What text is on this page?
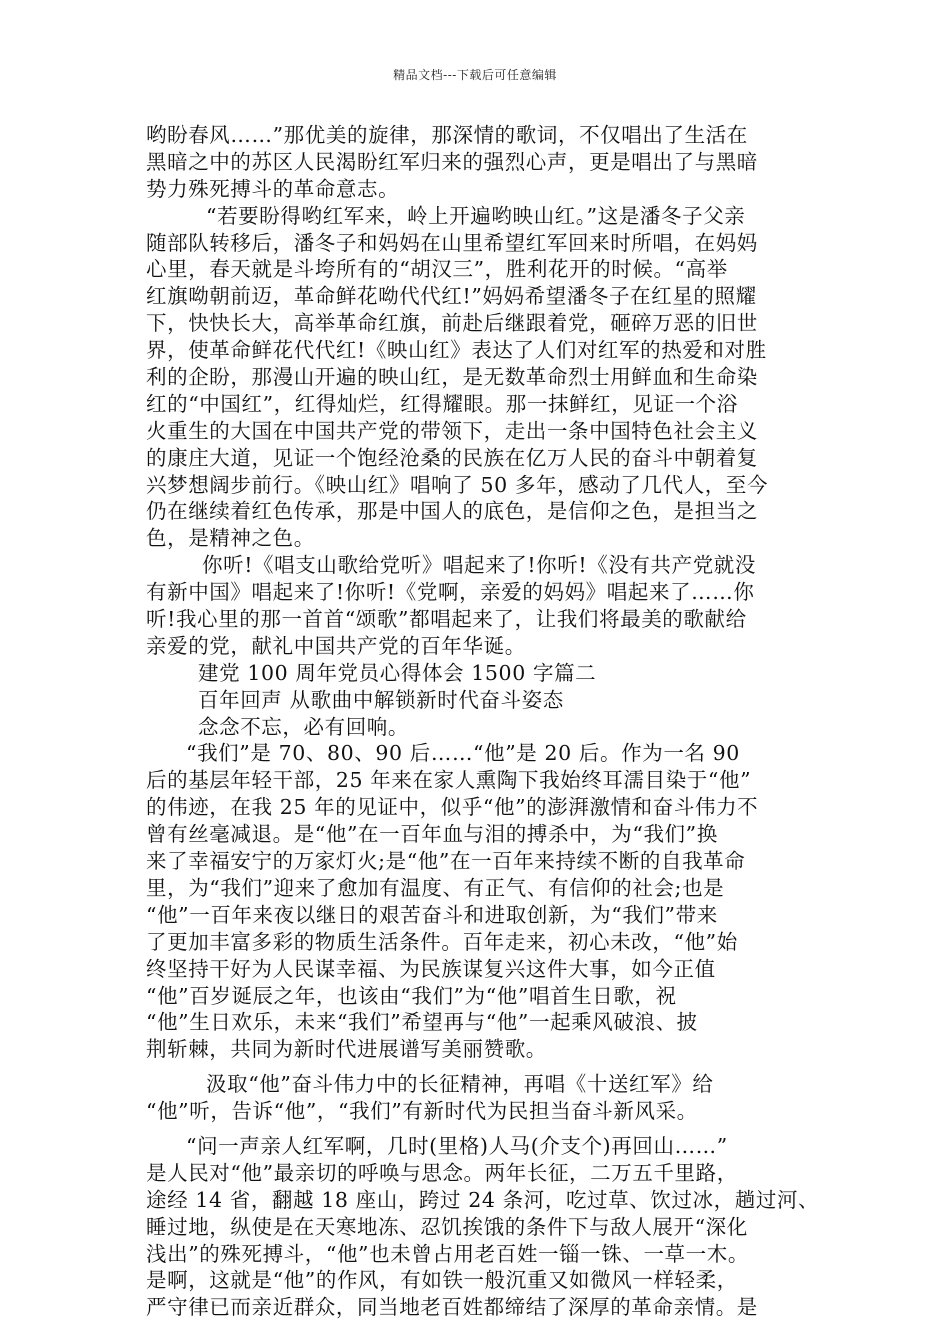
精品文档---下载后可任意编辑
哟盼春风……”那优美的旋律，那深情的歌词，不仅唱出了生活在
黑暗之中的苏区人民渴盼红军归来的强烈心声，更是唱出了与黑暗
势力殊死搏斗的革命意志。
“若要盼得哟红军来，岭上开遍哟映山红。”这是潘冬子父亲
随部队转移后，潘冬子和妈妈在山里希望红军回来时所唱，在妈妈
心里，春天就是斗垮所有的“胡汉三”，胜利花开的时候。“高举
红旗呦朝前迈，革命鲜花呦代代红!”妈妈希望潘冬子在红星的照耀
下，快快长大，高举革命红旗，前赴后继跟着党，砸碎万恶的旧世
界，使革命鲜花代代红!《映山红》表达了人们对红军的热爱和对胜
利的企盼，那漫山开遍的映山红，是无数革命烈士用鲜血和生命染
红的“中国红”，红得灿烂，红得耀眼。那一抹鲜红，见证一个浴
火重生的大国在中国共产党的带领下，走出一条中国特色社会主义
的康庄大道，见证一个饱经沧桑的民族在亿万人民的奋斗中朝着复
兴梦想阔步前行。《映山红》唱响了 50 多年，感动了几代人，至今
仍在继续着红色传承，那是中国人的底色，是信仰之色，是担当之
色，是精神之色。
你听!《唱支山歌给党听》唱起来了!你听!《没有共产党就没
有新中国》唱起来了!你听!《党啊，亲爱的妈妈》唱起来了……你
听!我心里的那一首首“颂歌”都唱起来了，让我们将最美的歌献给
亲爱的党，献礼中国共产党的百年华诞。
建党 100 周年党员心得体会 1500 字篇二
百年回声 从歌曲中解锁新时代奋斗姿态
念念不忘，必有回响。
“我们”是 70、80、90 后……“他”是 20 后。作为一名 90
后的基层年轻干部，25 年来在家人熏陶下我始终耳濡目染于“他”
的伟迹，在我 25 年的见证中，似乎“他”的澎湃激情和奋斗伟力不
曾有丝毫减退。是“他”在一百年血与泪的搏杀中，为“我们”换
来了幸福安宁的万家灯火;是“他”在一百年来持续不断的自我革命
里，为“我们”迎来了愈加有温度、有正气、有信仰的社会;也是
“他”一百年来夜以继日的艰苦奋斗和进取创新，为“我们”带来
了更加丰富多彩的物质生活条件。百年走来，初心未改，“他”始
终坚持干好为人民谋幸福、为民族谋复兴这件大事，如今正值
“他”百岁诞辰之年，也该由“我们”为“他”唱首生日歌，祝
“他”生日欢乐，未来“我们”希望再与“他”一起乘风破浪、披
荆斩棘，共同为新时代进展谱写美丽赞歌。
汲取“他”奋斗伟力中的长征精神，再唱《十送红军》给
“他”听，告诉“他”，“我们”有新时代为民担当奋斗新风采。
“问一声亲人红军啊，几时(里格)人马(介支个)再回山……”
是人民对“他”最亲切的呼唤与思念。两年长征，二万五千里路，
途经 14 省，翻越 18 座山，跨过 24 条河，吃过草、饮过冰，趟过河、
睡过地，纵使是在天寒地冻、忍饥挨饿的条件下与敌人展开“深化
浅出”的殊死搏斗，“他”也未曾占用老百姓一锱一铢、一草一木。
是啊，这就是“他”的作风，有如铁一般沉重又如微风一样轻柔，
严守律已而亲近群众，同当地老百姓都缔结了深厚的革命亲情。是
